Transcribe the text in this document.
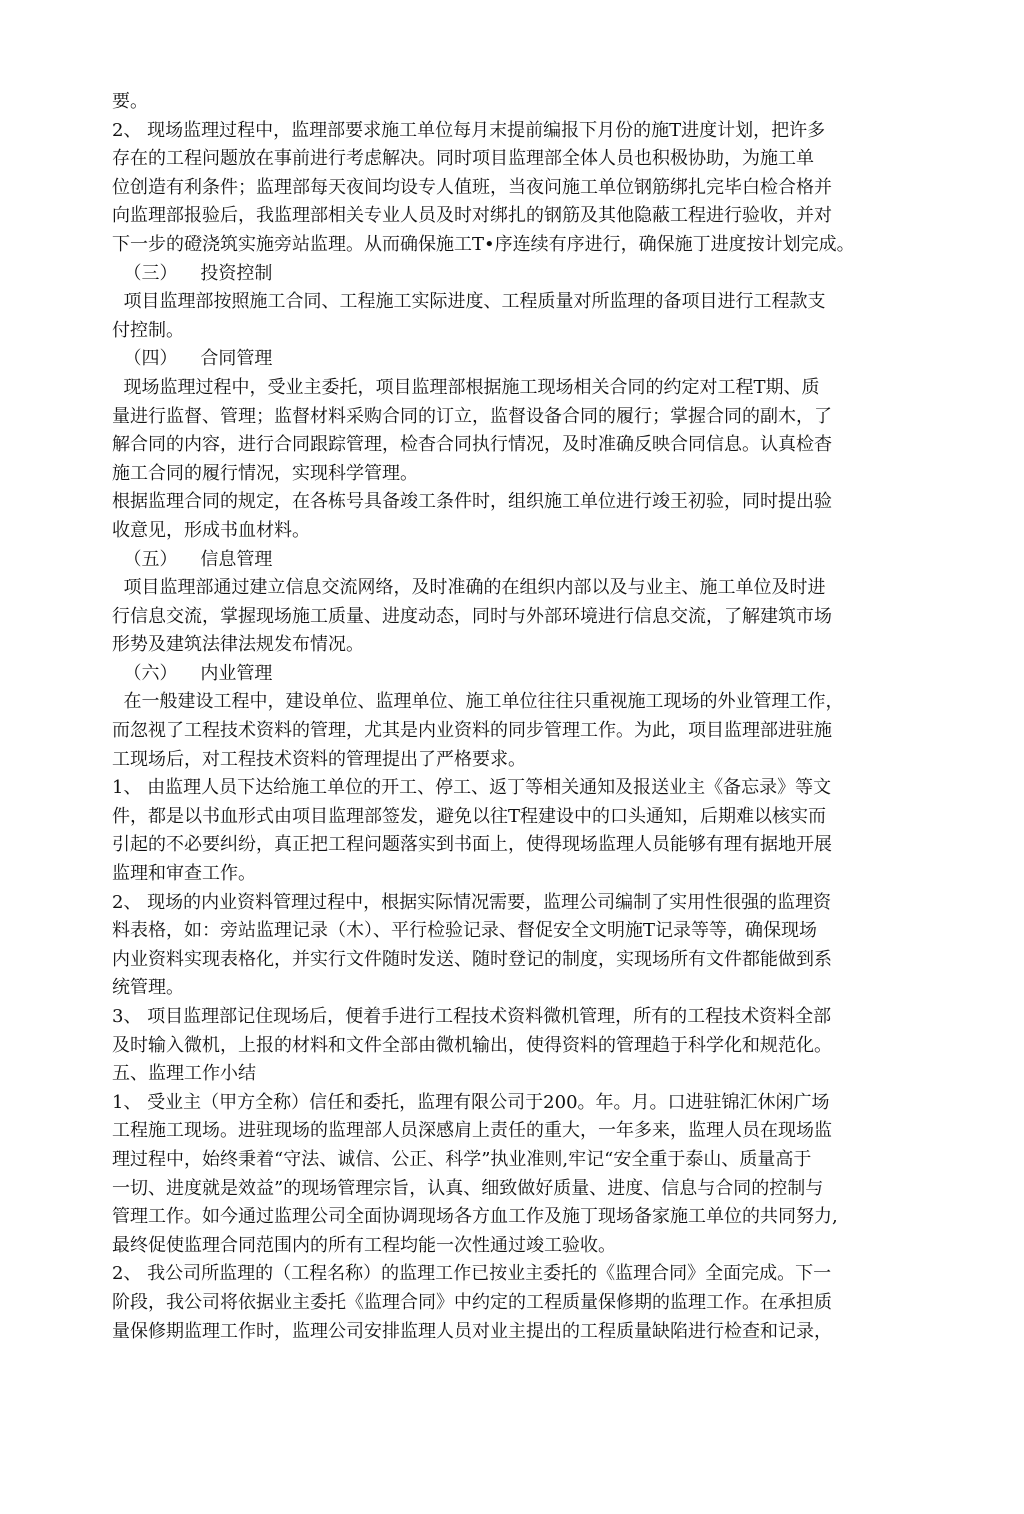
要。
2、 现场监理过程中，监理部要求施工单位每月末提前编报下月份的施T进度计划，把许多
存在的工程问题放在事前进行考虑解决。同时项目监理部全体人员也积极协助，为施工单
位创造有利条件；监理部每天夜间均设专人值班，当夜问施工单位钢筋绑扎完毕白检合格并
向监理部报验后，我监理部相关专业人员及时对绑扎的钢筋及其他隐蔽工程进行验收，并对
下一步的磴浇筑实施旁站监理。从而确保施工T•序连续有序进行，确保施丁进度按计划完成。
（三）    投资控制
项目监理部按照施工合同、工程施工实际进度、工程质量对所监理的备项目进行工程款支
付控制。
（四）    合同管理
现场监理过程中，受业主委托，项目监理部根据施工现场相关合同的约定对工程T期、质
量进行监督、管理；监督材料采购合同的订立，监督设备合同的履行；掌握合同的副木，了
解合同的内容，进行合同跟踪管理，检杳合同执行情况，及时准确反映合同信息。认真检杳
施工合同的履行情况，实现科学管理。
根据监理合同的规定，在各栋号具备竣工条件时，组织施工单位进行竣王初验，同时提出验
收意见，形成书血材料。
（五）    信息管理
项目监理部通过建立信息交流网络，及时准确的在组织内部以及与业主、施工单位及时进
行信息交流，掌握现场施工质量、进度动态，同时与外部环境进行信息交流，了解建筑市场
形势及建筑法律法规发布情况。
（六）    内业管理
在一般建设工程中，建设单位、监理单位、施工单位往往只重视施工现场的外业管理工作，
而忽视了工程技术资料的管理，尤其是内业资料的同步管理工作。为此，项目监理部进驻施
工现场后，对工程技术资料的管理提出了严格要求。
1、 由监理人员下达给施工单位的开工、停工、返丁等相关通知及报送业主《备忘录》等文
件，都是以书血形式由项目监理部签发，避免以往T程建设中的口头通知，后期难以核实而
引起的不必要纠纷，真正把工程问题落实到书面上，使得现场监理人员能够有理有据地开展
监理和审查工作。
2、 现场的内业资料管理过程中，根据实际情况需要，监理公司编制了实用性很强的监理资
料表格，如：旁站监理记录（木）、平行检验记录、督促安全文明施T记录等等，确保现场
内业资料实现表格化，并实行文件随时发送、随时登记的制度，实现场所有文件都能做到系
统管理。
3、 项目监理部记住现场后，便着手进行工程技术资料微机管理，所有的工程技术资料全部
及时输入微机，上报的材料和文件全部由微机输出，使得资料的管理趋于科学化和规范化。
五、监理工作小结
1、 受业主（甲方全称）信任和委托，监理有限公司于200。年。月。口进驻锦汇休闲广场
工程施工现场。进驻现场的监理部人员深感肩上责任的重大，一年多来，监理人员在现场监
理过程中，始终秉着“守法、诚信、公正、科学”执业准则,牢记“安全重于泰山、质量高于
一切、进度就是效益”的现场管理宗旨，认真、细致做好质量、进度、信息与合同的控制与
管理工作。如今通过监理公司全面协调现场各方血工作及施丁现场备家施工单位的共同努力,
最终促使监理合同范围内的所有工程均能一次性通过竣工验收。
2、 我公司所监理的（工程名称）的监理工作已按业主委托的《监理合同》全面完成。下一
阶段，我公司将依据业主委托《监理合同》中约定的工程质量保修期的监理工作。在承担质
量保修期监理工作时，监理公司安排监理人员对业主提出的工程质量缺陷进行检查和记录，
